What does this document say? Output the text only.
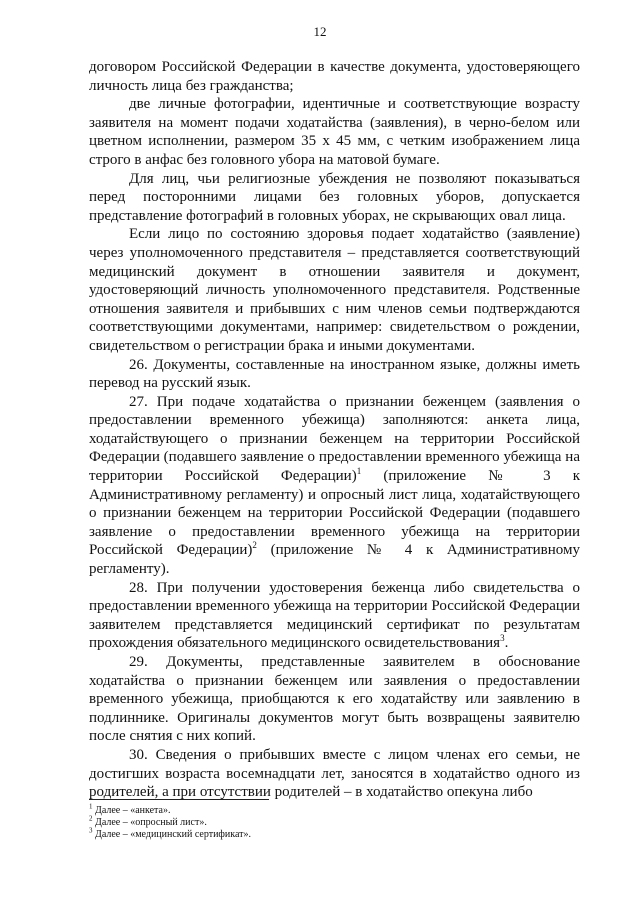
12

договором Российской Федерации в качестве документа, удостоверяющего личность лица без гражданства;

две личные фотографии, идентичные и соответствующие возрасту заявителя на момент подачи ходатайства (заявления), в черно-белом или цветном исполнении, размером 35 х 45 мм, с четким изображением лица строго в анфас без головного убора на матовой бумаге.

Для лиц, чьи религиозные убеждения не позволяют показываться перед посторонними лицами без головных уборов, допускается представление фотографий в головных уборах, не скрывающих овал лица.

Если лицо по состоянию здоровья подает ходатайство (заявление) через уполномоченного представителя – представляется соответствующий медицинский документ в отношении заявителя и документ, удостоверяющий личность уполномоченного представителя. Родственные отношения заявителя и прибывших с ним членов семьи подтверждаются соответствующими документами, например: свидетельством о рождении, свидетельством о регистрации брака и иными документами.

26. Документы, составленные на иностранном языке, должны иметь перевод на русский язык.

27. При подаче ходатайства о признании беженцем (заявления о предоставлении временного убежища) заполняются: анкета лица, ходатайствующего о признании беженцем на территории Российской Федерации (подавшего заявление о предоставлении временного убежища на территории Российской Федерации)$^1$ (приложение № 3 к Административному регламенту) и опросный лист лица, ходатайствующего о признании беженцем на территории Российской Федерации (подавшего заявление о предоставлении временного убежища на территории Российской Федерации)$^2$ (приложение № 4 к Административному регламенту).

28. При получении удостоверения беженца либо свидетельства о предоставлении временного убежища на территории Российской Федерации заявителем представляется медицинский сертификат по результатам прохождения обязательного медицинского освидетельствования$^3$.

29. Документы, представленные заявителем в обоснование ходатайства о признании беженцем или заявления о предоставлении временного убежища, приобщаются к его ходатайству или заявлению в подлиннике. Оригиналы документов могут быть возвращены заявителю после снятия с них копий.

30. Сведения о прибывших вместе с лицом членах его семьи, не достигших возраста восемнадцати лет, заносятся в ходатайство одного из родителей, а при отсутствии родителей – в ходатайство опекуна либо

$^1$ Далее – «анкета».
$^2$ Далее – «опросный лист».
$^3$ Далее – «медицинский сертификат».
